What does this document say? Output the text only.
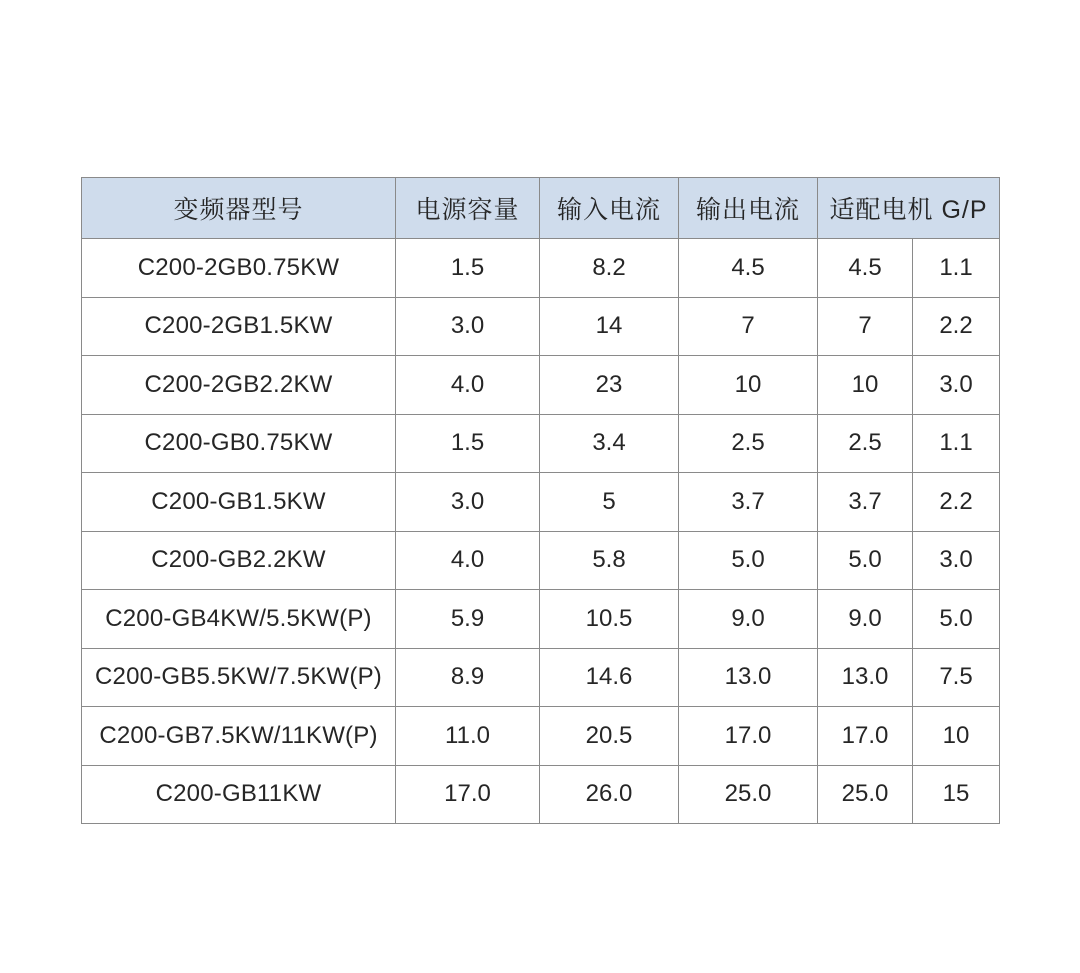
变频器型号	电源容量	输入电流	输出电流	适配电机 G/P	
C200-2GB0.75KW	1.5	8.2	4.5	4.5	1.1
C200-2GB1.5KW	3.0	14	7	7	2.2
C200-2GB2.2KW	4.0	23	10	10	3.0
C200-GB0.75KW	1.5	3.4	2.5	2.5	1.1
C200-GB1.5KW	3.0	5	3.7	3.7	2.2
C200-GB2.2KW	4.0	5.8	5.0	5.0	3.0
C200-GB4KW/5.5KW(P)	5.9	10.5	9.0	9.0	5.0
C200-GB5.5KW/7.5KW(P)	8.9	14.6	13.0	13.0	7.5
C200-GB7.5KW/11KW(P)	11.0	20.5	17.0	17.0	10
C200-GB11KW	17.0	26.0	25.0	25.0	15
